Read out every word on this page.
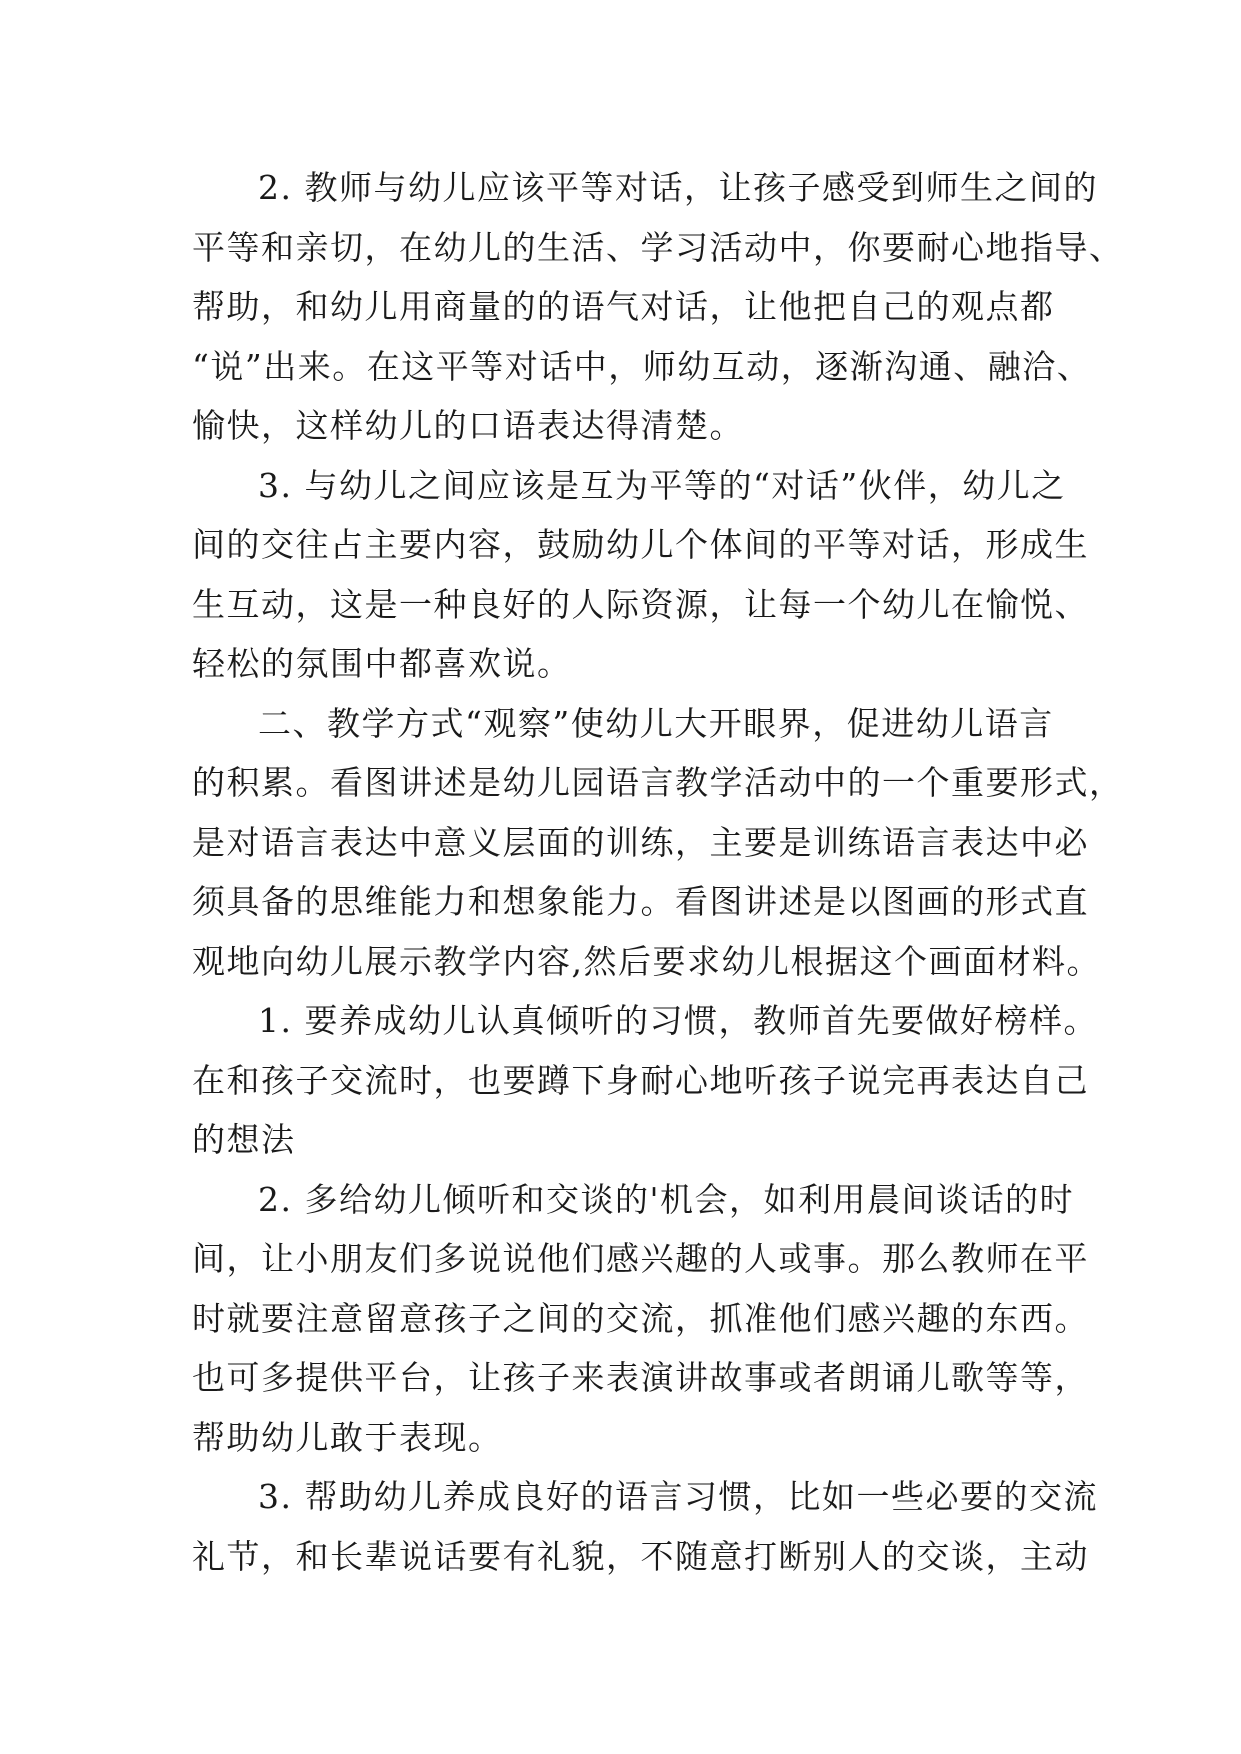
2. 教师与幼儿应该平等对话，让孩子感受到师生之间的
平等和亲切，在幼儿的生活、学习活动中，你要耐心地指导、
帮助，和幼儿用商量的的语气对话，让他把自己的观点都
“说”出来。在这平等对话中，师幼互动，逐渐沟通、融洽、
愉快，这样幼儿的口语表达得清楚。

3. 与幼儿之间应该是互为平等的“对话”伙伴，幼儿之
间的交往占主要内容，鼓励幼儿个体间的平等对话，形成生
生互动，这是一种良好的人际资源，让每一个幼儿在愉悦、
轻松的氛围中都喜欢说。

二、教学方式“观察”使幼儿大开眼界，促进幼儿语言
的积累。看图讲述是幼儿园语言教学活动中的一个重要形式，
是对语言表达中意义层面的训练，主要是训练语言表达中必
须具备的思维能力和想象能力。看图讲述是以图画的形式直
观地向幼儿展示教学内容,然后要求幼儿根据这个画面材料。

1. 要养成幼儿认真倾听的习惯，教师首先要做好榜样。
在和孩子交流时，也要蹲下身耐心地听孩子说完再表达自己
的想法

2. 多给幼儿倾听和交谈的'机会，如利用晨间谈话的时
间，让小朋友们多说说他们感兴趣的人或事。那么教师在平
时就要注意留意孩子之间的交流，抓准他们感兴趣的东西。
也可多提供平台，让孩子来表演讲故事或者朗诵儿歌等等，
帮助幼儿敢于表现。

3. 帮助幼儿养成良好的语言习惯，比如一些必要的交流
礼节，和长辈说话要有礼貌，不随意打断别人的交谈，主动
